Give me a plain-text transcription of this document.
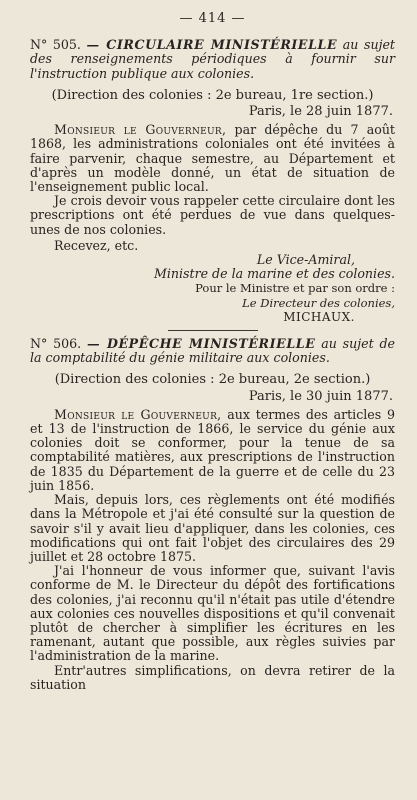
— 414 —

N° 505. — CIRCULAIRE MINISTÉRIELLE au sujet des renseignements périodiques à fournir sur l'instruction publique aux colonies.

(Direction des colonies : 2e bureau, 1re section.)

Paris, le 28 juin 1877.

Monsieur le Gouverneur, par dépêche du 7 août 1868, les administrations coloniales ont été invitées à faire parvenir, chaque semestre, au Département et d'après un modèle donné, un état de situation de l'enseignement public local.

Je crois devoir vous rappeler cette circulaire dont les prescriptions ont été perdues de vue dans quelques-unes de nos colonies.

Recevez, etc.

Le Vice-Amiral,
Ministre de la marine et des colonies.
Pour le Ministre et par son ordre :
Le Directeur des colonies,
MICHAUX.

N° 506. — DÉPÊCHE MINISTÉRIELLE au sujet de la comptabilité du génie militaire aux colonies.

(Direction des colonies : 2e bureau, 2e section.)

Paris, le 30 juin 1877.

Monsieur le Gouverneur, aux termes des articles 9 et 13 de l'instruction de 1866, le service du génie aux colonies doit se conformer, pour la tenue de sa comptabilité matières, aux prescriptions de l'instruction de 1835 du Département de la guerre et de celle du 23 juin 1856.

Mais, depuis lors, ces règlements ont été modifiés dans la Métropole et j'ai été consulté sur la question de savoir s'il y avait lieu d'appliquer, dans les colonies, ces modifications qui ont fait l'objet des circulaires des 29 juillet et 28 octobre 1875.

J'ai l'honneur de vous informer que, suivant l'avis conforme de M. le Directeur du dépôt des fortifications des colonies, j'ai reconnu qu'il n'était pas utile d'étendre aux colonies ces nouvelles dispositions et qu'il convenait plutôt de chercher à simplifier les écritures en les ramenant, autant que possible, aux règles suivies par l'administration de la marine.

Entr'autres simplifications, on devra retirer de la situation
